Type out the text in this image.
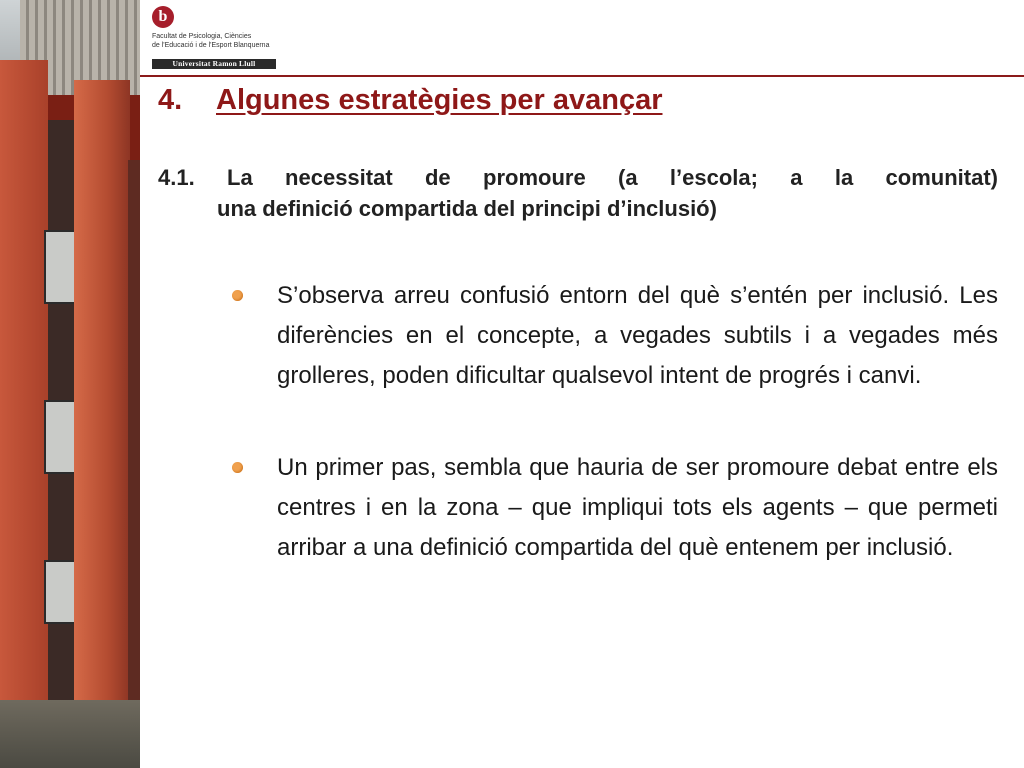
b
Facultat de Psicologia, Ciències
de l'Educació i de l'Esport Blanquerna
Universitat Ramon Llull
4. Algunes estratègies per avançar
4.1. La necessitat de promoure (a l’escola; a la comunitat)
una definició compartida del principi d’inclusió)
S’observa arreu confusió entorn del què s’entén per inclusió. Les diferències en el concepte, a vegades subtils i a vegades més grolleres, poden dificultar qualsevol intent de progrés i canvi.
Un primer pas, sembla que hauria de ser promoure debat entre els centres i en la zona – que impliqui tots els agents – que permeti arribar a una definició compartida del què entenem per inclusió.
